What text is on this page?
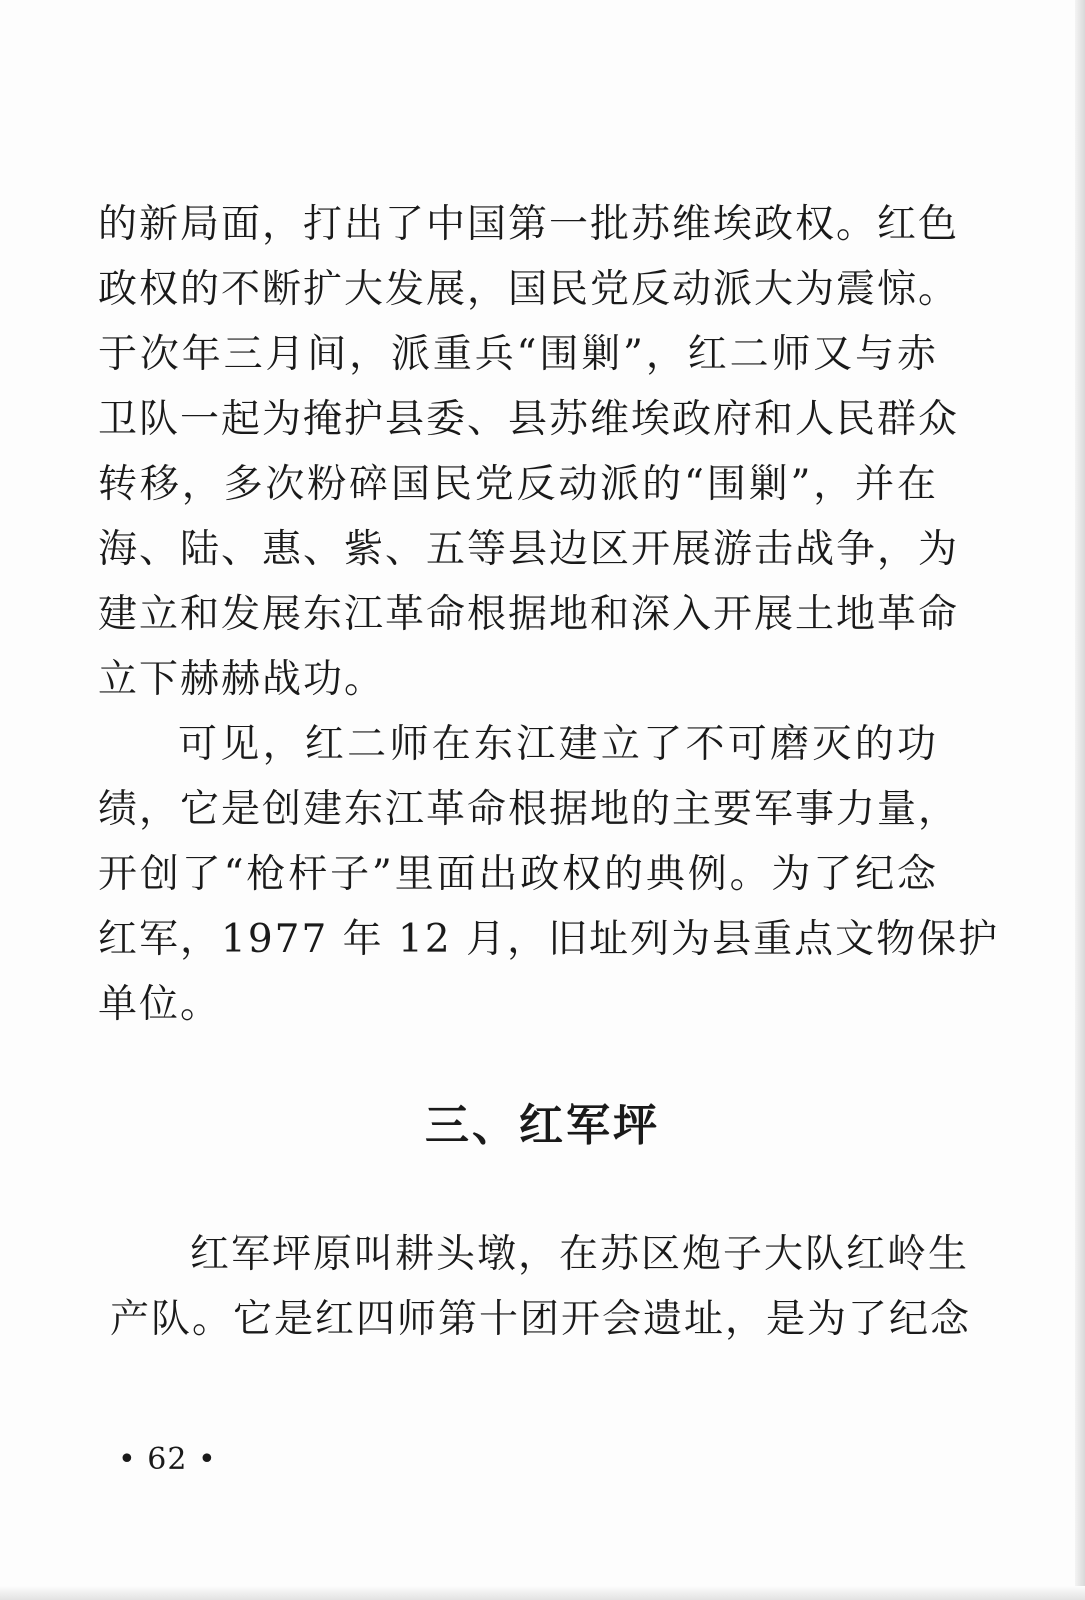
的新局面，打出了中国第一批苏维埃政权。红色
政权的不断扩大发展，国民党反动派大为震惊。
于次年三月间，派重兵“围剿”，红二师又与赤
卫队一起为掩护县委、县苏维埃政府和人民群众
转移，多次粉碎国民党反动派的“围剿”，并在
海、陆、惠、紫、五等县边区开展游击战争，为
建立和发展东江革命根据地和深入开展土地革命
立下赫赫战功。
可见，红二师在东江建立了不可磨灭的功
绩，它是创建东江革命根据地的主要军事力量，
开创了“枪杆子”里面出政权的典例。为了纪念
红军，1977 年 12 月，旧址列为县重点文物保护
单位。
三、红军坪
红军坪原叫耕头墩，在苏区炮子大队红岭生
产队。它是红四师第十团开会遗址，是为了纪念
• 62 •
